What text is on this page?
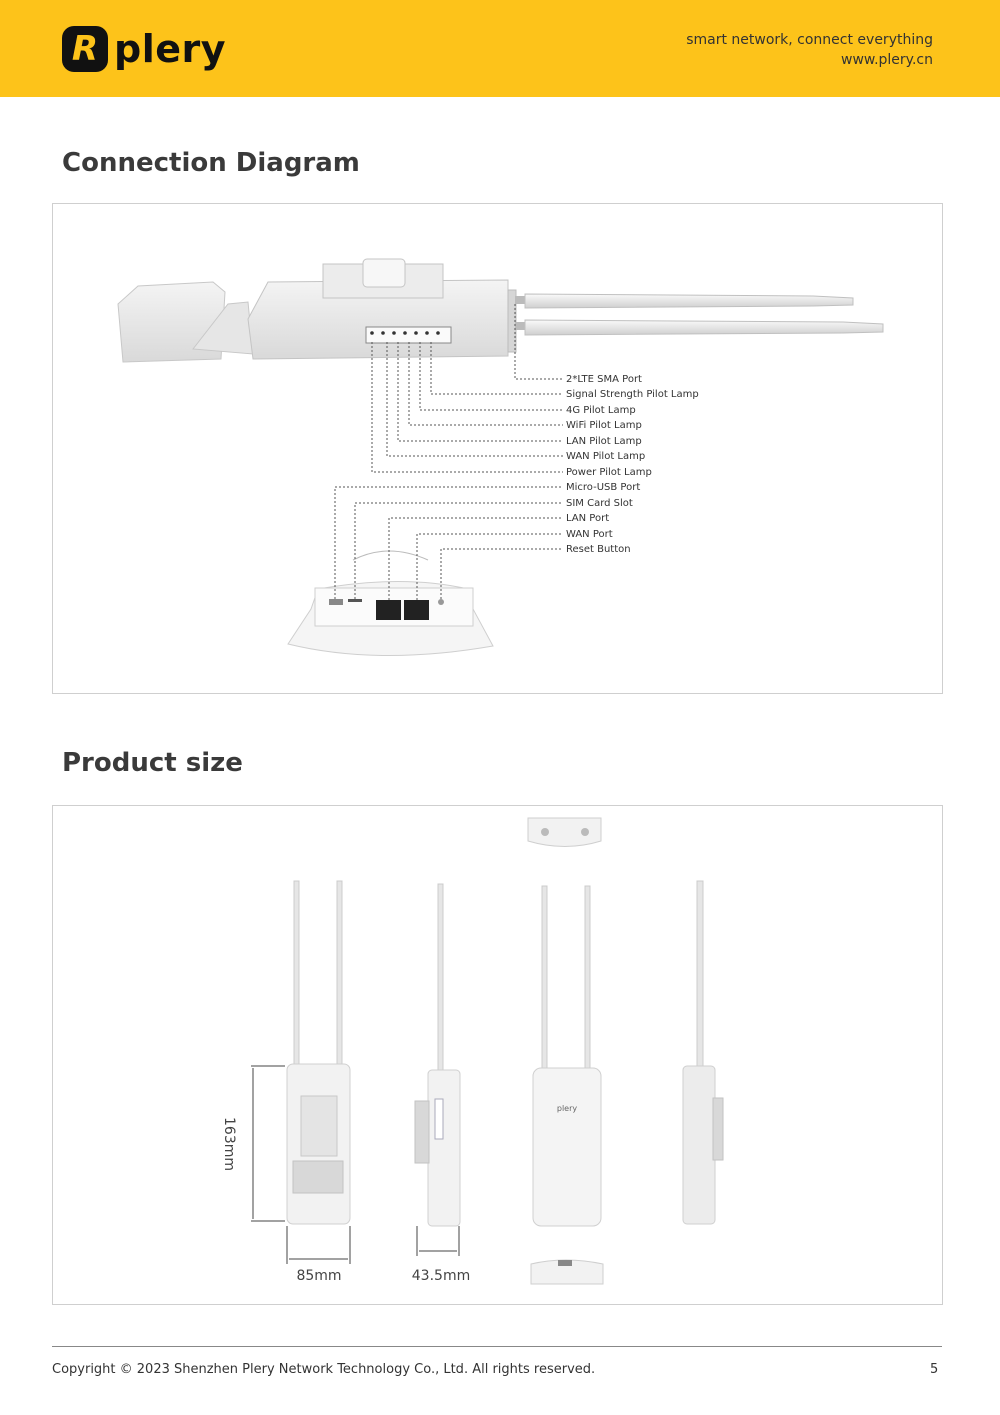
R plery	smart network, connect everything
www.plery.cn
Connection Diagram
2*LTE SMA Port
Signal Strength Pilot Lamp
4G Pilot Lamp
WiFi Pilot Lamp
LAN Pilot Lamp
WAN Pilot Lamp
Power Pilot Lamp
Micro-USB Port
SIM Card Slot
LAN Port
WAN Port
Reset Button
Product size
163mm
85mm	43.5mm
plery
Copyright © 2023 Shenzhen Plery Network Technology Co., Ltd. All rights reserved.	5
